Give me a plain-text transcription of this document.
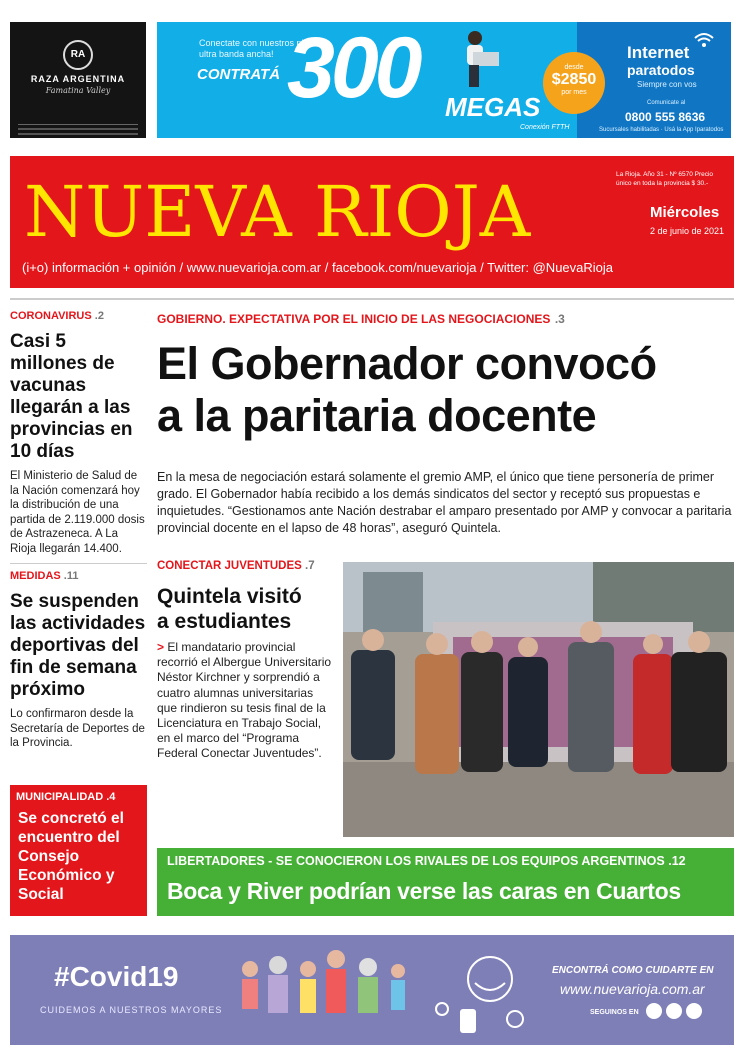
RA
RAZA ARGENTINA
Famatina Valley
Conectate con nuestros planes ultra banda ancha!
CONTRATÁ 300 MEGAS
Conexión FTTH
desde
$2850
por mes
Internet
paratodos
Siempre con vos
Comunicate al
0800 555 8636
Sucursales habilitadas · Usá la App Iparatodos
NUEVA RIOJA	La Rioja. Año 31 - Nº 6570 Precio único en toda la provincia $ 30.-
Miércoles
2 de junio de 2021
(i+o) información + opinión / www.nuevarioja.com.ar / facebook.com/nuevarioja / Twitter: @NuevaRioja
CORONAVIRUS .2
Casi 5 millones de vacunas llegarán a las provincias en 10 días
El Ministerio de Salud de la Nación comenzará hoy la distribución de una partida de 2.119.000 dosis de Astrazeneca. A La Rioja llegarán 14.400.
MEDIDAS .11
Se suspenden las actividades deportivas del fin de semana próximo
Lo confirmaron desde la Secretaría de Deportes de la Provincia.
MUNICIPALIDAD .4
Se concretó el encuentro del Consejo Económico y Social
GOBIERNO. EXPECTATIVA POR EL INICIO DE LAS NEGOCIACIONES .3
El Gobernador convocó
a la paritaria docente
En la mesa de negociación estará solamente el gremio AMP, el único que tiene personería de primer grado. El Gobernador había recibido a los demás sindicatos del sector y receptó sus propuestas e inquietudes. “Gestionamos ante Nación destrabar el amparo presentado por AMP y convocar a paritaria provincial docente en el lapso de 48 horas”, aseguró Quintela.
CONECTAR JUVENTUDES .7
Quintela visitó
a estudiantes
> El mandatario provincial recorrió el Albergue Universitario Néstor Kirchner y sorprendió a cuatro alumnas universitarias que rindieron su tesis final de la Licenciatura en Trabajo Social, en el marco del “Programa Federal Conectar Juventudes”.
LIBERTADORES - SE CONOCIERON LOS RIVALES DE LOS EQUIPOS ARGENTINOS .12
Boca y River podrían verse las caras en Cuartos
#Covid19
CUIDEMOS A NUESTROS MAYORES
ENCONTRÁ COMO CUIDARTE EN
www.nuevarioja.com.ar
SEGUINOS EN
